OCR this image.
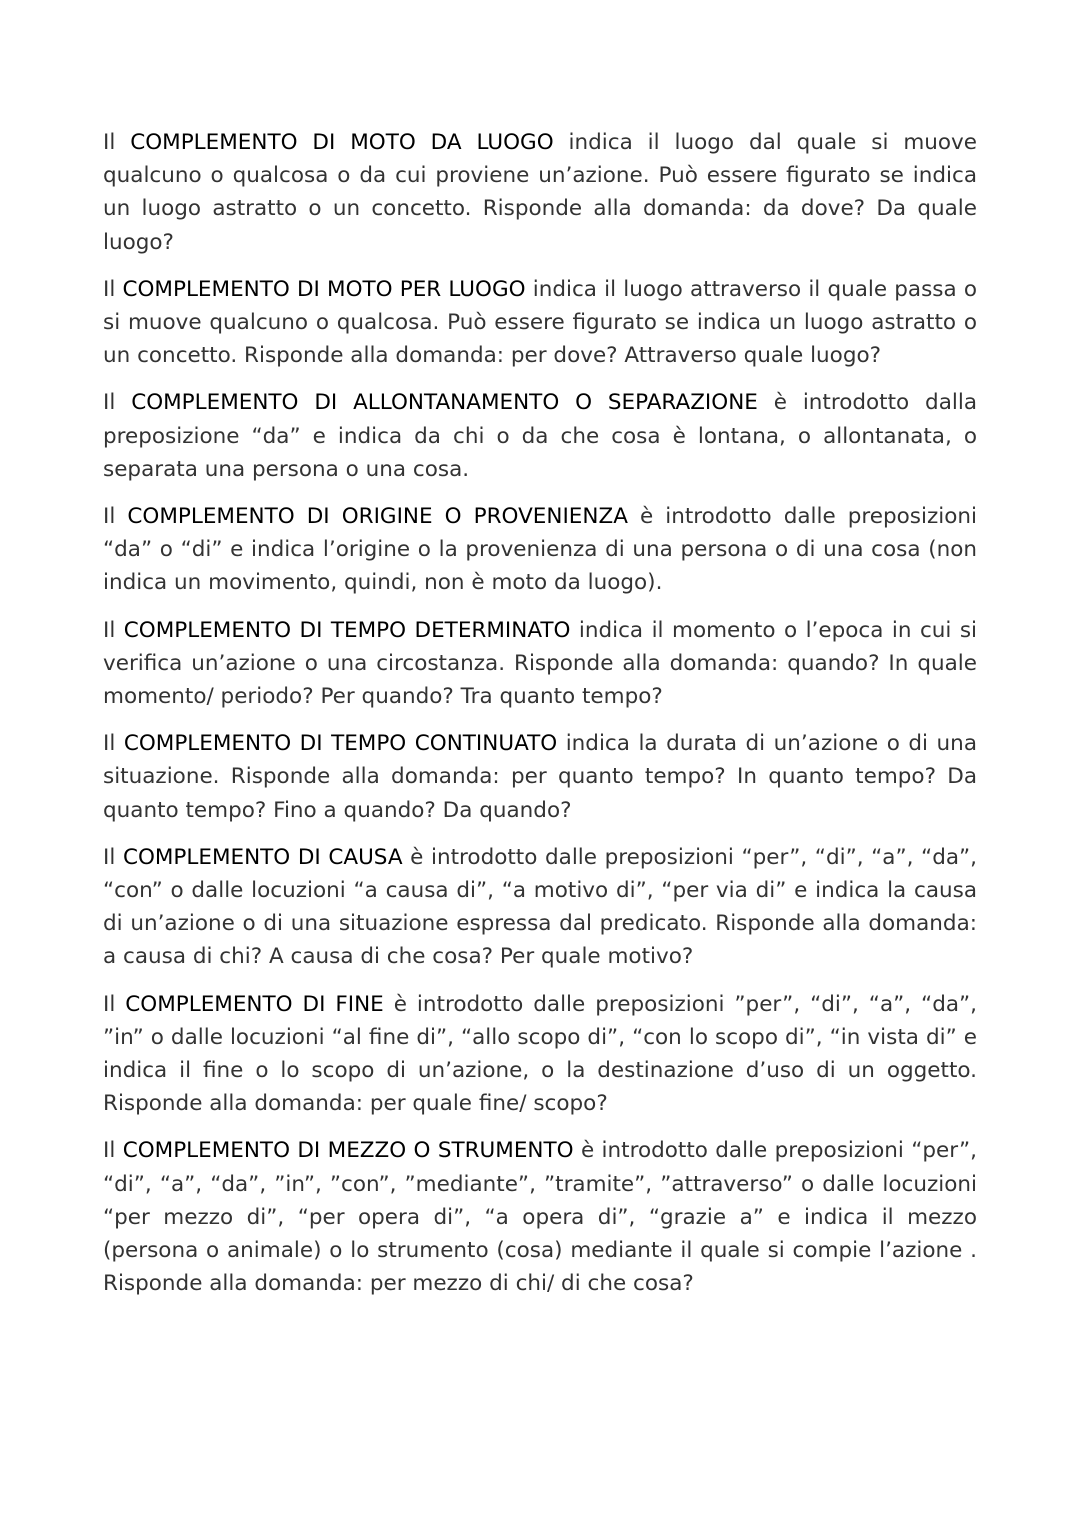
Il COMPLEMENTO DI MOTO DA LUOGO indica il luogo dal quale si muove qualcuno o qualcosa o da cui proviene un’azione. Può essere figurato se indica un luogo astratto o un concetto. Risponde alla domanda: da dove? Da quale luogo?

Il COMPLEMENTO DI MOTO PER LUOGO indica il luogo attraverso il quale passa o si muove qualcuno o qualcosa. Può essere figurato se indica un luogo astratto o un concetto. Risponde alla domanda: per dove? Attraverso quale luogo?

Il COMPLEMENTO DI ALLONTANAMENTO O SEPARAZIONE è introdotto dalla preposizione “da” e indica da chi o da che cosa è lontana, o allontanata, o separata una persona o una cosa.

Il COMPLEMENTO DI ORIGINE O PROVENIENZA è introdotto dalle preposizioni “da” o “di” e indica l’origine o la provenienza di una persona o di una cosa (non indica un movimento, quindi, non è moto da luogo).

Il COMPLEMENTO DI TEMPO DETERMINATO indica il momento o l’epoca in cui si verifica un’azione o una circostanza. Risponde alla domanda: quando? In quale momento/ periodo? Per quando? Tra quanto tempo?

Il COMPLEMENTO DI TEMPO CONTINUATO indica la durata di un’azione o di una situazione. Risponde alla domanda: per quanto tempo? In quanto tempo? Da quanto tempo? Fino a quando? Da quando?

Il COMPLEMENTO DI CAUSA è introdotto dalle preposizioni “per”, “di”, “a”, “da”, “con” o dalle locuzioni “a causa di”, “a motivo di”, “per via di” e indica la causa di un’azione o di una situazione espressa dal predicato. Risponde alla domanda: a causa di chi? A causa di che cosa? Per quale motivo?

Il COMPLEMENTO DI FINE è introdotto dalle preposizioni ”per”, “di”, “a”, “da”, ”in” o dalle locuzioni “al fine di”, “allo scopo di”, “con lo scopo di”, “in vista di” e indica il fine o lo scopo di un’azione, o la destinazione d’uso di un oggetto. Risponde alla domanda: per quale fine/ scopo?

Il COMPLEMENTO DI MEZZO O STRUMENTO è introdotto dalle preposizioni “per”, “di”, “a”, “da”, ”in”, ”con”, ”mediante”, ”tramite”, ”attraverso” o dalle locuzioni “per mezzo di”, “per opera di”, “a opera di”, “grazie a” e indica il mezzo (persona o animale) o lo strumento (cosa) mediante il quale si compie l’azione . Risponde alla domanda: per mezzo di chi/ di che cosa?
